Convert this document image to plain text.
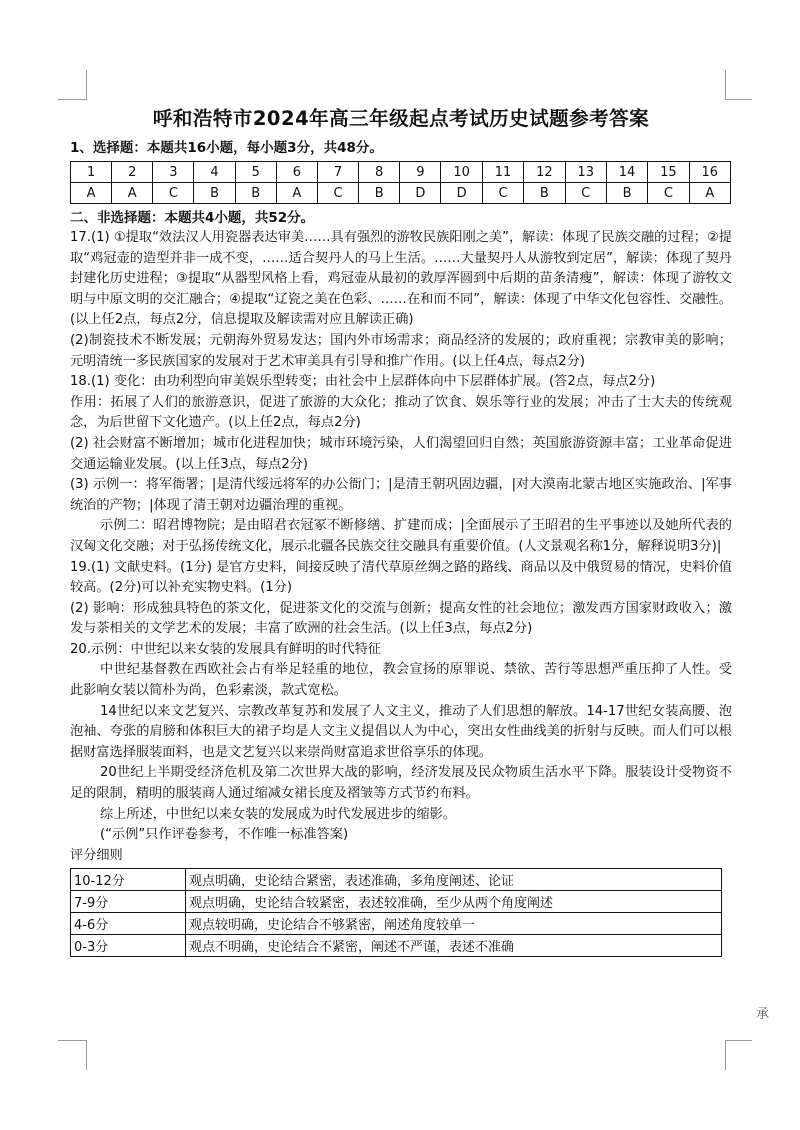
呼和浩特市2024年高三年级起点考试历史试题参考答案

1、选择题：本题共16小题，每小题3分，共48分。

1	2	3	4	5	6	7	8	9	10	11	12	13	14	15	16
A	A	C	B	B	A	C	B	D	D	C	B	C	B	C	A

二、非选择题：本题共4小题，共52分。

17.(1) ①提取“效法汉人用瓷器表达审美……具有强烈的游牧民族阳刚之美”，解读：体现了民族交融的过程；②提取“鸡冠壶的造型并非一成不变，……适合契丹人的马上生活。……大量契丹人从游牧到定居”，解读：体现了契丹封建化历史进程；③提取“从器型风格上看，鸡冠壶从最初的敦厚浑圆到中后期的苗条清瘦”，解读：体现了游牧文明与中原文明的交汇融合；④提取“辽瓷之美在色彩、……在和而不同”，解读：体现了中华文化包容性、交融性。(以上任2点，每点2分，信息提取及解读需对应且解读正确)

(2)制瓷技术不断发展；元朝海外贸易发达；国内外市场需求；商品经济的发展的；政府重视；宗教审美的影响；元明清统一多民族国家的发展对于艺术审美具有引导和推广作用。(以上任4点，每点2分)

18.(1) 变化：由功利型向审美娱乐型转变；由社会中上层群体向中下层群体扩展。(答2点，每点2分)

作用：拓展了人们的旅游意识，促进了旅游的大众化；推动了饮食、娱乐等行业的发展；冲击了士大夫的传统观念，为后世留下文化遗产。(以上任2点，每点2分)

(2) 社会财富不断增加；城市化进程加快；城市环境污染，人们渴望回归自然；英国旅游资源丰富；工业革命促进交通运输业发展。(以上任3点，每点2分)

(3) 示例一：将军衙署；|是清代绥远将军的办公衙门；|是清王朝巩固边疆，|对大漠南北蒙古地区实施政治、|军事统治的产物；|体现了清王朝对边疆治理的重视。

示例二：昭君博物院；是由昭君衣冠冢不断修缮、扩建而成；|全面展示了王昭君的生平事迹以及她所代表的汉匈文化交融；对于弘扬传统文化，展示北疆各民族交往交融具有重要价值。(人文景观名称1分，解释说明3分)|

19.(1) 文献史料。(1分) 是官方史料，间接反映了清代草原丝绸之路的路线、商品以及中俄贸易的情况，史料价值较高。(2分)可以补充实物史料。(1分)

(2) 影响：形成独具特色的茶文化，促进茶文化的交流与创新；提高女性的社会地位；激发西方国家财政收入；激发与茶相关的文学艺术的发展；丰富了欧洲的社会生活。(以上任3点，每点2分)

20.示例：中世纪以来女装的发展具有鲜明的时代特征

中世纪基督教在西欧社会占有举足轻重的地位，教会宣扬的原罪说、禁欲、苦行等思想严重压抑了人性。受此影响女装以简朴为尚，色彩素淡，款式宽松。

14世纪以来文艺复兴、宗教改革复苏和发展了人文主义，推动了人们思想的解放。14-17世纪女装高腰、泡泡袖、夸张的肩膀和体积巨大的裙子均是人文主义提倡以人为中心，突出女性曲线美的折射与反映。而人们可以根据财富选择服装面料，也是文艺复兴以来崇尚财富追求世俗享乐的体现。

20世纪上半期受经济危机及第二次世界大战的影响，经济发展及民众物质生活水平下降。服装设计受物资不足的限制，精明的服装商人通过缩减女裙长度及褶皱等方式节约布料。

综上所述，中世纪以来女装的发展成为时代发展进步的缩影。

(“示例”只作评卷参考，不作唯一标准答案)

评分细则

10-12分	观点明确，史论结合紧密，表述准确，多角度阐述、论证
7-9分	观点明确，史论结合较紧密，表述较准确，至少从两个角度阐述
4-6分	观点较明确，史论结合不够紧密，阐述角度较单一
0-3分	观点不明确，史论结合不紧密，阐述不严谨，表述不准确
承
